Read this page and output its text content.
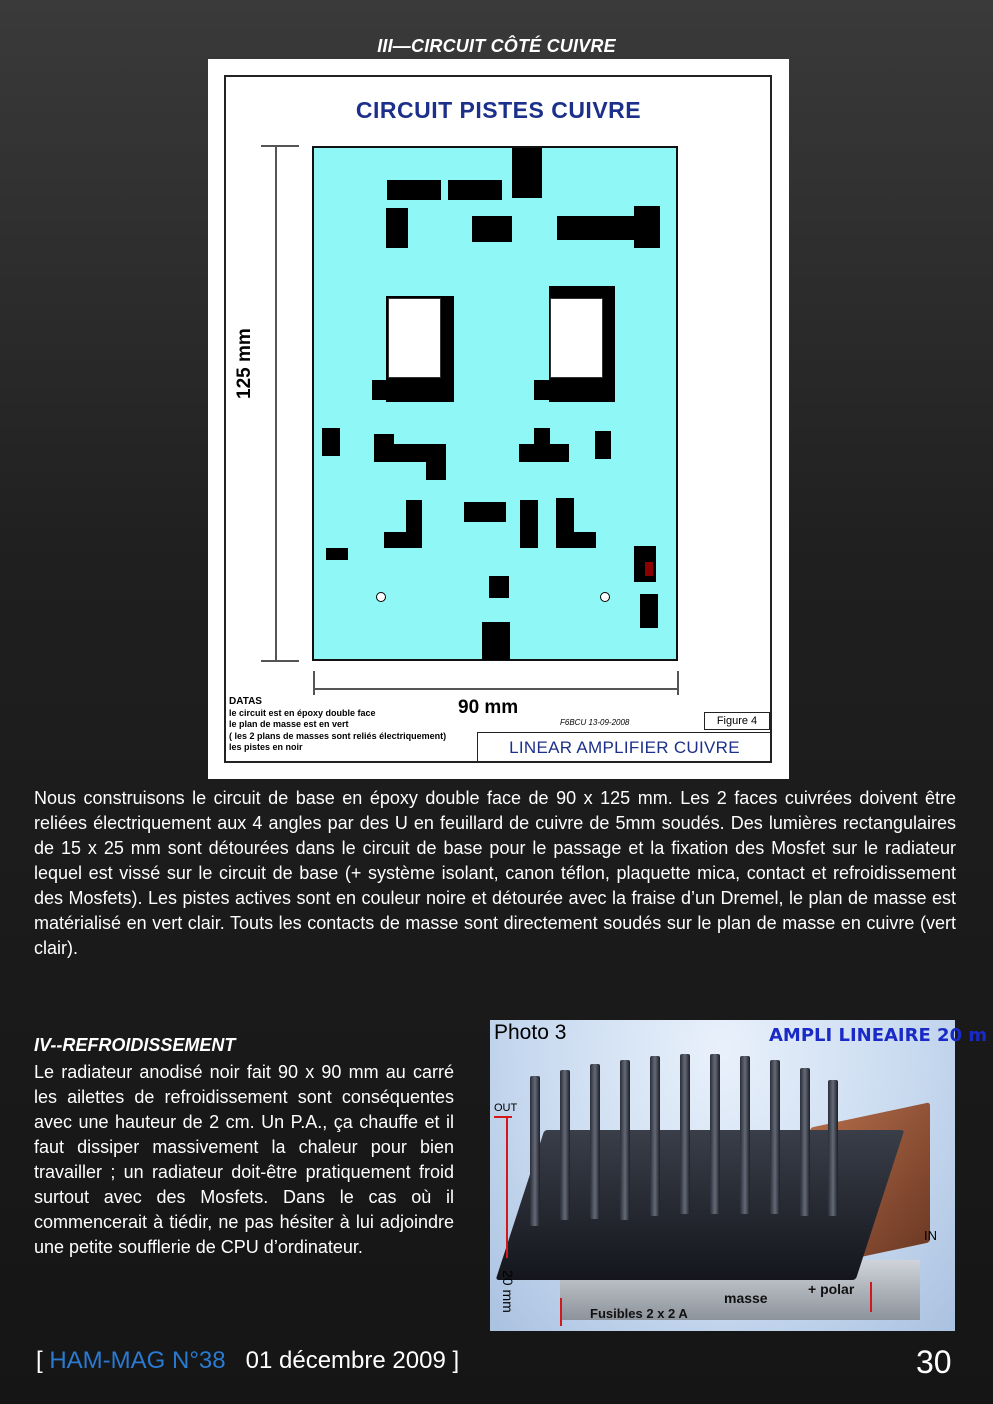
III—CIRCUIT CÔTÉ CUIVRE
CIRCUIT PISTES CUIVRE
125 mm
90 mm
DATAS
le circuit est en époxy double face
le plan de masse est en vert
( les 2 plans de masses sont reliés électriquement)
les pistes en noir
F6BCU 13-09-2008	Figure 4
LINEAR AMPLIFIER CUIVRE
Nous construisons le circuit de base en époxy double face de 90 x 125 mm. Les 2 faces cuivrées doivent être reliées électriquement aux 4 angles par des U en feuillard de cuivre de 5mm soudés. Des lumières rectangulaires de 15 x 25 mm sont détourées dans le circuit de base pour le passage et la fixation des Mosfet sur le radiateur lequel est vissé sur le circuit de base (+ système isolant, canon téflon, plaquette mica, contact et refroidissement des Mosfets). Les pistes actives sont en couleur noire et détourée avec la fraise d’un Dremel, le plan de masse est matérialisé en vert clair. Touts les contacts de masse sont directement soudés sur le plan de masse en cuivre (vert clair).
IV--REFROIDISSEMENT
Le radiateur anodisé noir fait 90 x 90 mm au carré les ailettes de refroidissement sont conséquentes avec une hauteur de 2 cm. Un P.A., ça chauffe et il faut dissiper massivement la chaleur pour bien travailler ; un radiateur doit-être pratiquement froid surtout avec des Mosfets. Dans le cas où il commencerait à tiédir, ne pas hésiter à lui adjoindre une petite soufflerie de CPU d’ordinateur.
Photo 3	AMPLI LINEAIRE 20 m
OUT
IN
20 mm	masse
+ polar
Fusibles 2 x 2 A
[ HAM-MAG N°38   01 décembre 2009 ]	30
